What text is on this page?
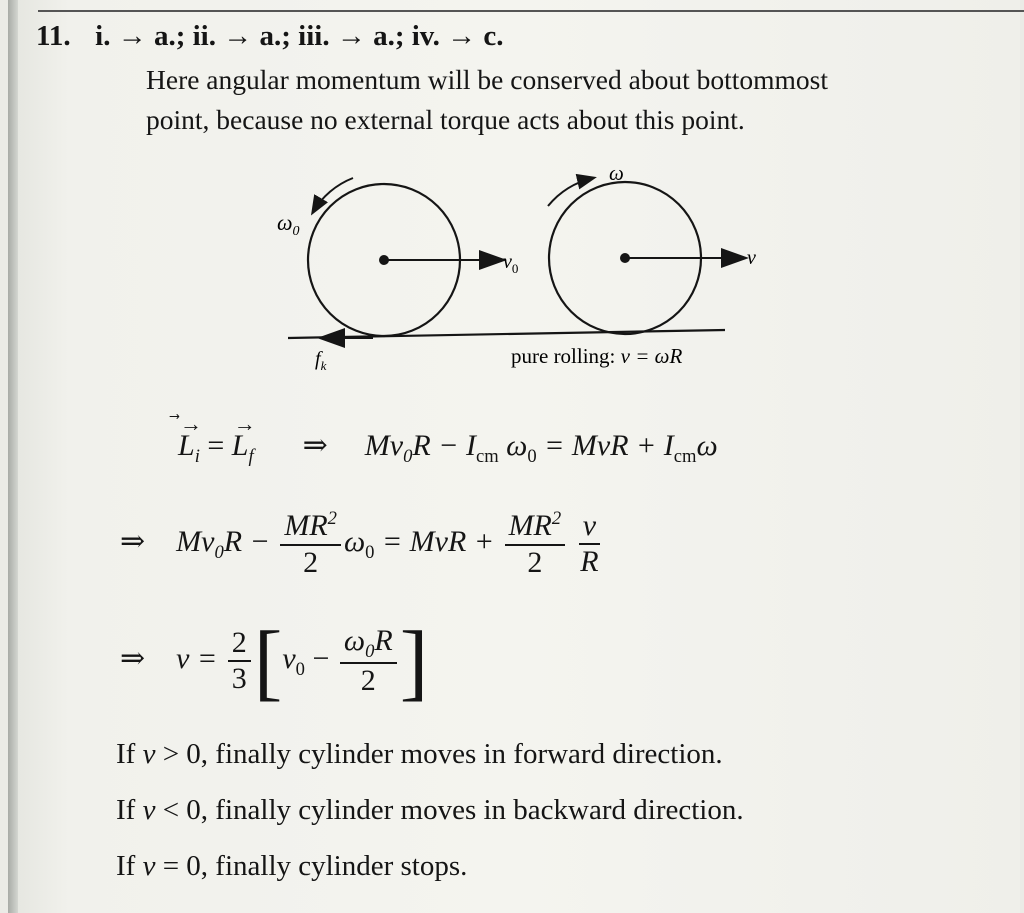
11. i. → a.; ii. → a.; iii. → a.; iv. → c.
Here angular momentum will be conserved about bottommost
point, because no external torque acts about this point.
$\omega_0$
$v_0$
$f_k$
ω
v
pure rolling: v = ωR
⃗→
$L_i$ =
→
$L_f$ ⇒ $Mv_0R - I_{cm}$ $\omega_0$ = MvR + $I_{cm}\omega$
⇒ $Mv_0R - \frac{MR^2}{2} \omega_0$ = MvR + $\frac{MR^2}{2}$
$\frac{v}{R}$
⇒ $v = \frac{2}{3} [v_0 - \frac{\omega_0R}{2}$ ]
If v > 0, finally cylinder moves in forward direction.
If v < 0, finally cylinder moves in backward direction.
If v = 0, finally cylinder stops.
